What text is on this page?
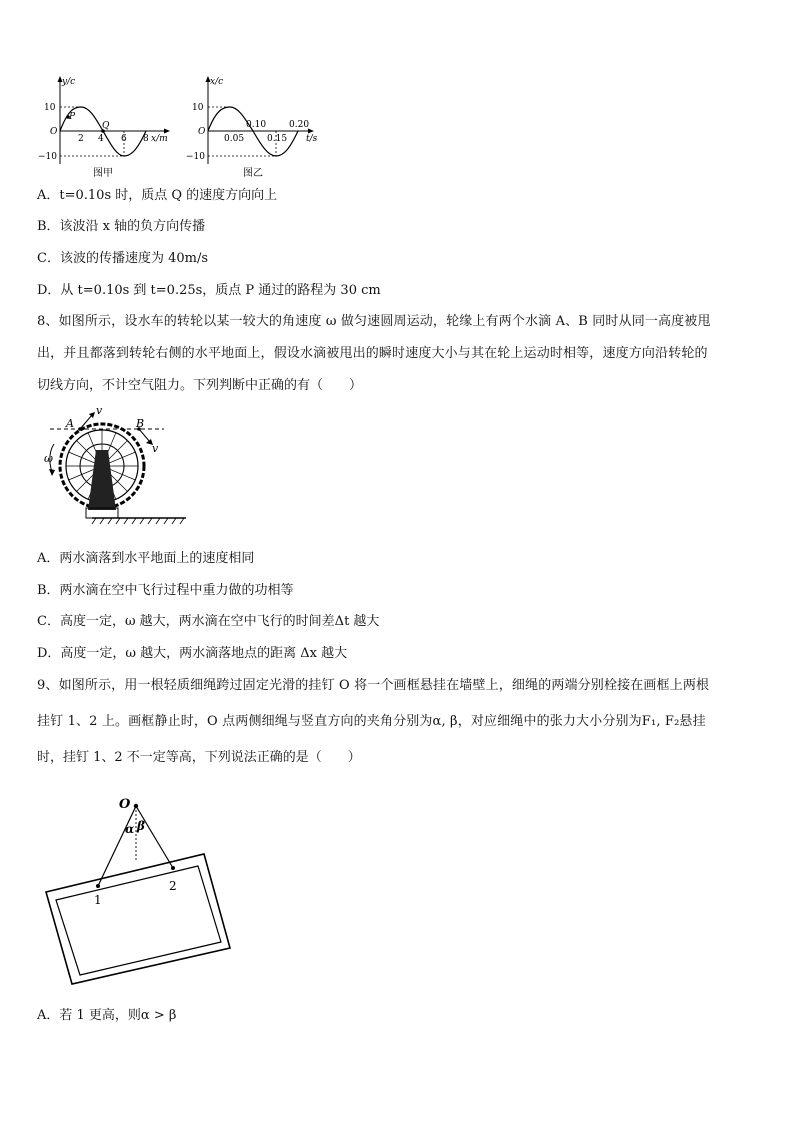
y/c
10
O
−10
P
Q
2 4 6 8 x/m
图甲
x/c
10
O
−10
0.10	0.20
0.05	0.15 t/s
图乙
A．t=0.10s 时，质点 Q 的速度方向向上
B．该波沿 x 轴的负方向传播
C．该波的传播速度为 40m/s
D．从 t=0.10s 到 t=0.25s，质点 P 通过的路程为 30 cm
8、如图所示，设水车的转轮以某一较大的角速度 ω 做匀速圆周运动，轮缘上有两个水滴 A、B 同时从同一高度被甩
出，并且都落到转轮右侧的水平地面上，假设水滴被甩出的瞬时速度大小与其在轮上运动时相等，速度方向沿转轮的
切线方向，不计空气阻力。下列判断中正确的有（　　）
A	B
v
v
ω
A．两水滴落到水平地面上的速度相同
B．两水滴在空中飞行过程中重力做的功相等
C．高度一定，ω 越大，两水滴在空中飞行的时间差Δt 越大
D．高度一定，ω 越大，两水滴落地点的距离 Δx 越大
9、如图所示，用一根轻质细绳跨过固定光滑的挂钉 O 将一个画框悬挂在墙壁上，细绳的两端分别栓接在画框上两根
挂钉 1、2 上。画框静止时，O 点两侧细绳与竖直方向的夹角分别为α, β，对应细绳中的张力大小分别为F₁, F₂悬挂
时，挂钉 1、2 不一定等高，下列说法正确的是（　　）
O
α β
1
2
A．若 1 更高，则α > β
